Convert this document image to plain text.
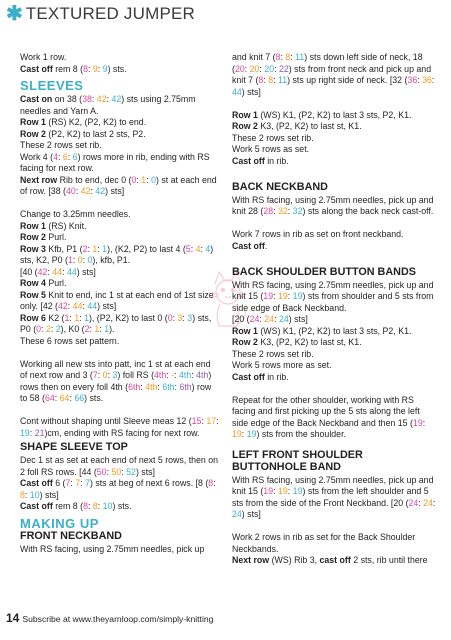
✱ TEXTURED JUMPER

Work 1 row.

Cast off rem 8 (8: 9: 9) sts.

SLEEVES

Cast on on 38 (38: 42: 42) sts using 2.75mm needles and Yarn A.

Row 1 (RS) K2, (P2, K2) to end.

Row 2 (P2, K2) to last 2 sts, P2.

These 2 rows set rib.

Work 4 (4: 6: 6) rows more in rib, ending with RS facing for next row.

Next row Rib to end, dec 0 (0: 1: 0) st at each end of row. [38 (40: 42: 42) sts]

Change to 3.25mm needles.

Row 1 (RS) Knit.

Row 2 Purl.

Row 3 Kfb, P1 (2: 1: 1), (K2, P2) to last 4 (5: 4: 4) sts, K2, P0 (1: 0: 0), kfb, P1.

[40 (42: 44: 44) sts]

Row 4 Purl.

Row 5 Knit to end, inc 1 st at each end of 1st size only. [42 (42: 44: 44) sts]

Row 6 K2 (1: 1: 1), (P2, K2) to last 0 (0: 3: 3) sts, P0 (0: 2: 2), K0 (2: 1: 1).

These 6 rows set pattern.

Working all new sts into patt, inc 1 st at each end of next row and 3 (7: 0: 3) foll RS (4th: -: 4th: 4th) rows then on every foll 4th (6th: 4th: 6th: 6th) row to 58 (64: 64: 66) sts.

Cont without shaping until Sleeve meas 12 (15: 17: 19: 21)cm, ending with RS facing for next row.

SHAPE SLEEVE TOP

Dec 1 st as set at each end of next 5 rows, then on 2 foll RS rows. [44 (50: 50: 52) sts]

Cast off 6 (7: 7: 7) sts at beg of next 6 rows. [8 (8: 8: 10) sts]

Cast off rem 8 (8: 8: 10) sts.

MAKING UP
FRONT NECKBAND

With RS facing, using 2.75mm needles, pick up

and knit 7 (8: 8: 11) sts down left side of neck, 18 (20: 20: 20: 22) sts from front neck and pick up and knit 7 (8: 8: 11) sts up right side of neck. [32 (36: 36: 44) sts]

Row 1 (WS) K1, (P2, K2) to last 3 sts, P2, K1.

Row 2 K3, (P2, K2) to last st, K1.

These 2 rows set rib.

Work 5 rows as set.

Cast off in rib.

BACK NECKBAND

With RS facing, using 2.75mm needles, pick up and knit 28 (28: 32: 32) sts along the back neck cast-off.

Work 7 rows in rib as set on front neckband.

Cast off.

BACK SHOULDER BUTTON BANDS

With RS facing, using 2.75mm needles, pick up and knit 15 (19: 19: 19) sts from shoulder and 5 sts from side edge of Back Neckband.

[20 (24: 24: 24) sts]

Row 1 (WS) K1, (P2, K2) to last 3 sts, P2, K1.

Row 2 K3, (P2, K2) to last st, K1.

These 2 rows set rib.

Work 5 rows more as set.

Cast off in rib.

Repeat for the other shoulder, working with RS facing and first picking up the 5 sts along the left side edge of the Back Neckband and then 15 (19: 19: 19) sts from the shoulder.

LEFT FRONT SHOULDER
BUTTONHOLE BAND

With RS facing, using 2.75mm needles, pick up and knit 15 (19: 19: 19) sts from the left shoulder and 5 sts from the side of the Front Neckband. [20 (24: 24: 24) sts]

Work 2 rows in rib as set for the Back Shoulder Neckbands.

Next row (WS) Rib 3, cast off 2 sts, rib until there

14 Subscribe at www.theyarnloop.com/simply-knitting
